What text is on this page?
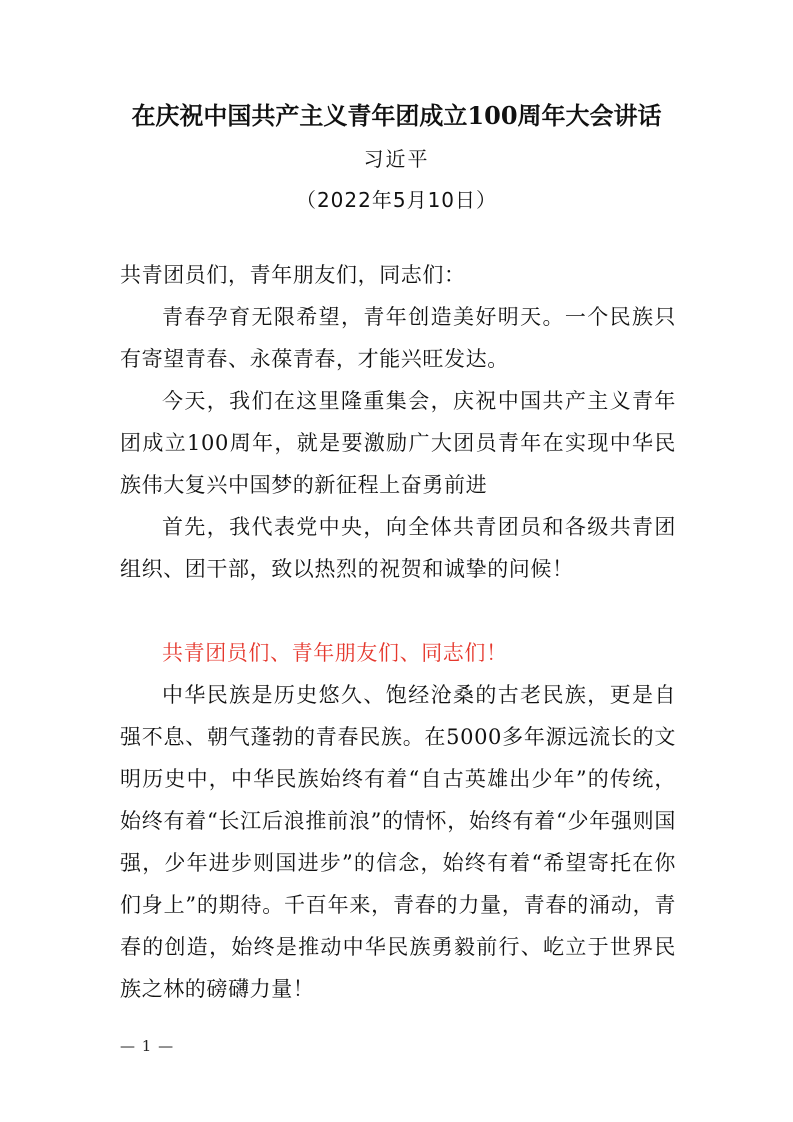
在庆祝中国共产主义青年团成立100周年大会讲话
习近平
（2022年5月10日）

共青团员们，青年朋友们，同志们：

青春孕育无限希望，青年创造美好明天。一个民族只有寄望青春、永葆青春，才能兴旺发达。

今天，我们在这里隆重集会，庆祝中国共产主义青年团成立100周年，就是要激励广大团员青年在实现中华民族伟大复兴中国梦的新征程上奋勇前进

首先，我代表党中央，向全体共青团员和各级共青团组织、团干部，致以热烈的祝贺和诚挚的问候！

共青团员们、青年朋友们、同志们！

中华民族是历史悠久、饱经沧桑的古老民族，更是自强不息、朝气蓬勃的青春民族。在5000多年源远流长的文明历史中，中华民族始终有着“自古英雄出少年”的传统，始终有着“长江后浪推前浪”的情怀，始终有着“少年强则国强，少年进步则国进步”的信念，始终有着“希望寄托在你们身上”的期待。千百年来，青春的力量，青春的涌动，青春的创造，始终是推动中华民族勇毅前行、屹立于世界民族之林的磅礴力量！

— 1 —
